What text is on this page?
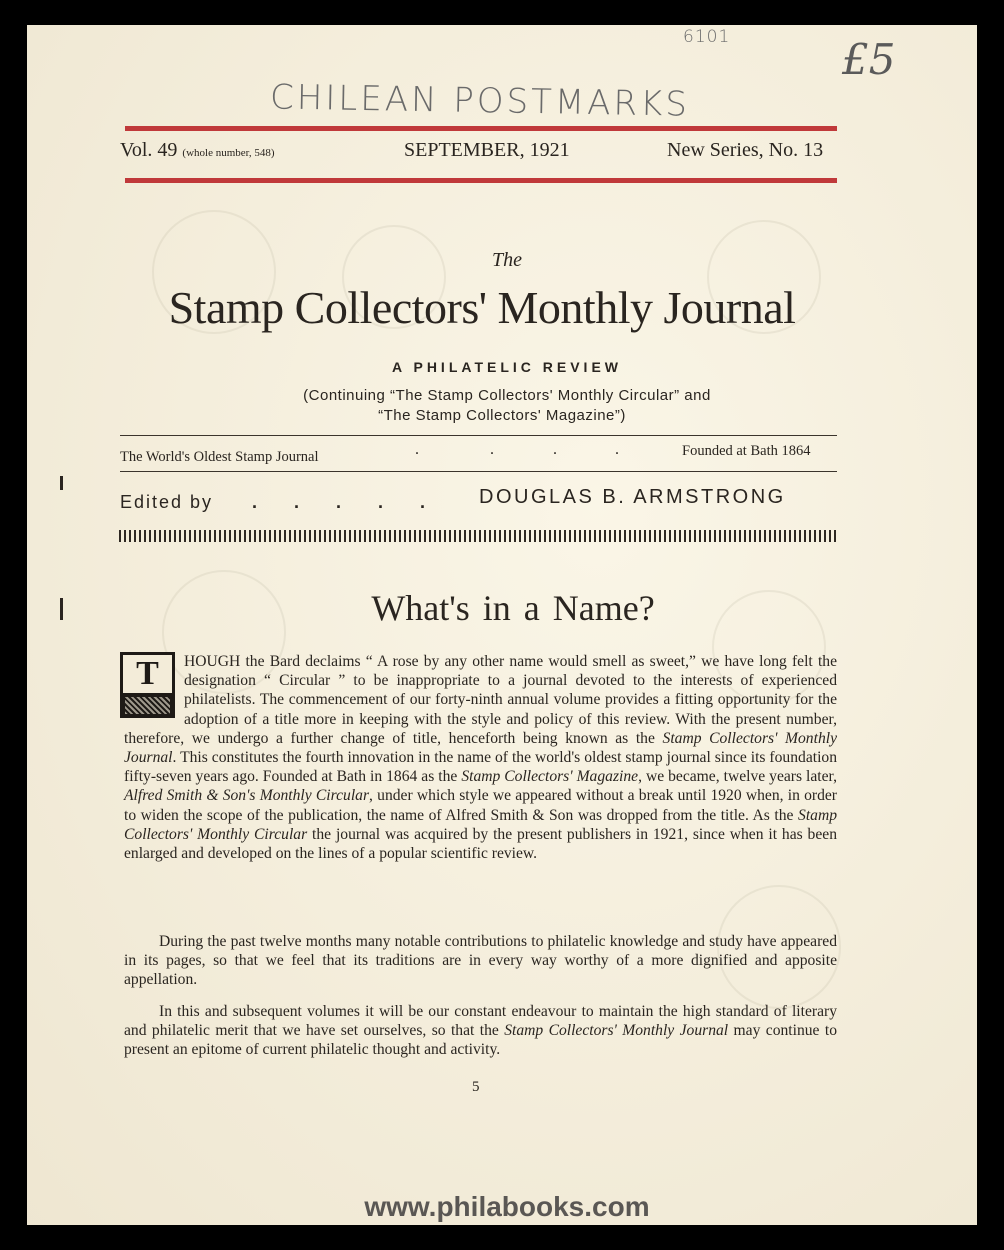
6101	£5
CHILEAN POSTMARKS
Vol. 49 (whole number, 548)	SEPTEMBER, 1921	New Series, No. 13
The
Stamp Collectors' Monthly Journal
A PHILATELIC REVIEW
(Continuing “The Stamp Collectors' Monthly Circular” and
“The Stamp Collectors' Magazine”)
The World's Oldest Stamp Journal	.	.	.	.	Founded at Bath 1864
Edited by . . . . . DOUGLAS B. ARMSTRONG
What's in a Name?
T	HOUGH the Bard declaims “ A rose by any other name would smell as sweet,” we have long felt the designation “ Circular ” to be inappropriate to a journal devoted to the interests of experienced philatelists. The commencement of our forty-ninth annual volume provides a fitting opportunity for the adoption of a title more in keeping with the style and policy of this review. With the present number, therefore, we undergo a further change of title, henceforth being known as the Stamp Collectors' Monthly Journal. This constitutes the fourth innovation in the name of the world's oldest stamp journal since its foundation fifty-seven years ago. Founded at Bath in 1864 as the Stamp Collectors' Magazine, we became, twelve years later, Alfred Smith & Son's Monthly Circular, under which style we appeared without a break until 1920 when, in order to widen the scope of the publication, the name of Alfred Smith & Son was dropped from the title. As the Stamp Collectors' Monthly Circular the journal was acquired by the present publishers in 1921, since when it has been enlarged and developed on the lines of a popular scientific review.
During the past twelve months many notable contributions to philatelic knowledge and study have appeared in its pages, so that we feel that its traditions are in every way worthy of a more dignified and apposite appellation.
In this and subsequent volumes it will be our constant endeavour to maintain the high standard of literary and philatelic merit that we have set ourselves, so that the Stamp Collectors' Monthly Journal may continue to present an epitome of current philatelic thought and activity.
5
www.philabooks.com
